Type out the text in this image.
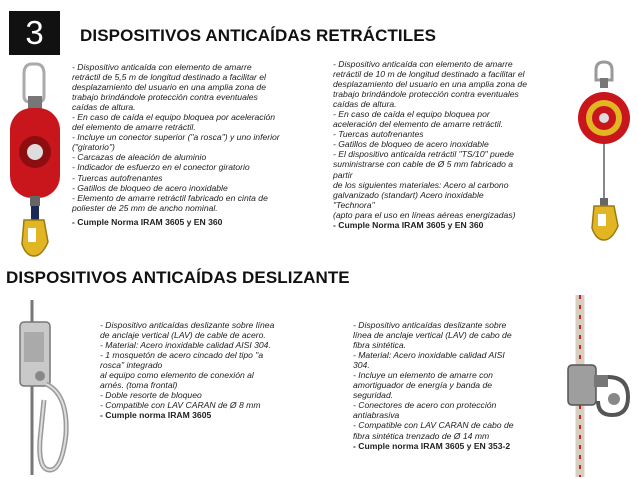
3	DISPOSITIVOS ANTICAÍDAS RETRÁCTILES
DISPOSITIVOS ANTICAÍDAS DESLIZANTE
- Dispositivo anticaída con elemento de amarre
retráctil de 5,5 m de longitud destinado a facilitar el
desplazamiento del usuario en una amplia zona de
trabajo brindándole protección contra eventuales
caídas de altura.
- En caso de caída el equipo bloquea por aceleración
del elemento de amarre retráctil.
- Incluye un conector superior ("a rosca") y uno inferior
("giratorio")
- Carcazas de aleación de aluminio
- Indicador de esfuerzo en el conector giratorio
- Tuercas autofrenantes
- Gatillos de bloqueo de acero inoxidable
- Elemento de amarre retráctil fabricado en cinta de
poliester de 25 mm de ancho nominal.
- Cumple Norma IRAM 3605 y EN 360
- Dispositivo anticaída con elemento de amarre
retráctil de 10 m de longitud destinado a facilitar el
desplazamiento del usuario en una amplia zona de
trabajo brindándole protección contra eventuales
caídas de altura.
- En caso de caída el equipo bloquea por
aceleración del elemento de amarre retráctil.
- Tuercas autofrenantes
- Gatillos de bloqueo de acero inoxidable
- El dispositivo anticaída retráctil "TS/10" puede
suministrarse con cable de Ø 5 mm fabricado a
partir
de los siguientes materiales: Acero al carbono
galvanizado (standart) Acero inoxidable
"Technora"
(apto para el uso en líneas aéreas energizadas)
- Cumple Norma IRAM 3605 y EN 360
- Dispositivo anticaídas deslizante sobre línea
de anclaje vertical (LAV) de cable de acero.
- Material: Acero inoxidable calidad AISI 304.
- 1 mosquetón de acero cincado del tipo "a
rosca" integrado
al equipo como elemento de conexión al
arnés. (toma frontal)
- Doble resorte de bloqueo
- Compatible con LAV CARAN de Ø 8 mm
- Cumple norma IRAM 3605
- Dispositivo anticaídas deslizante sobre
línea de anclaje vertical (LAV) de cabo de
fibra sintética.
- Material: Acero inoxidable calidad AISI
304.
- Incluye un elemento de amarre con
amortiguador de energía y banda de
seguridad.
- Conectores de acero con protección
antiabrasiva
- Compatible con LAV CARAN de cabo de
fibra sintética trenzado de Ø 14 mm
- Cumple norma IRAM 3605 y EN 353-2
